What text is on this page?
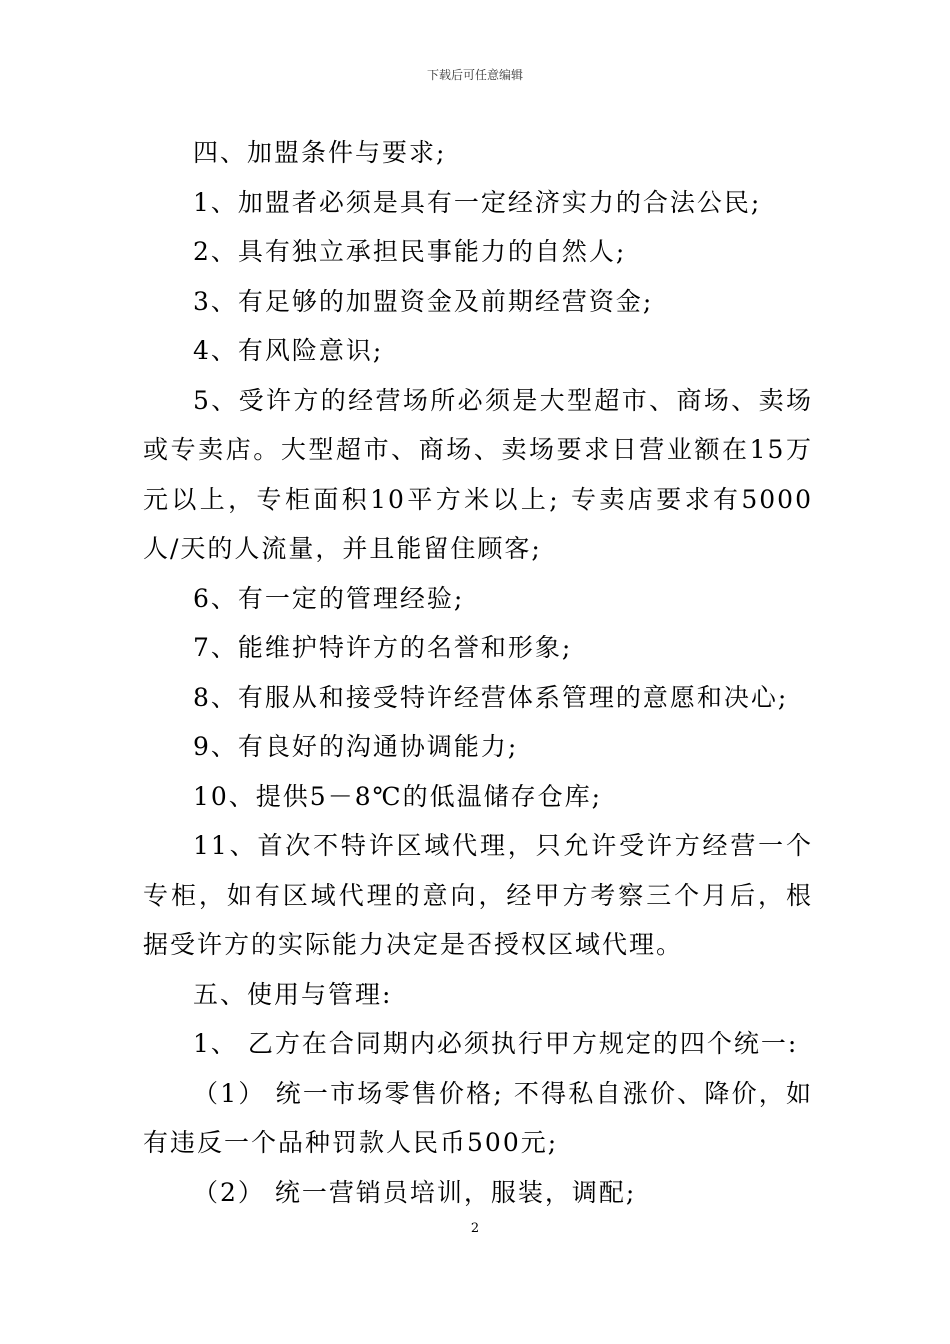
下载后可任意编辑

四、加盟条件与要求;

1、加盟者必须是具有一定经济实力的合法公民;

2、具有独立承担民事能力的自然人;

3、有足够的加盟资金及前期经营资金;

4、有风险意识;

5、受许方的经营场所必须是大型超市、商场、卖场或专卖店。大型超市、商场、卖场要求日营业额在15万元以上，专柜面积10平方米以上; 专卖店要求有5000人/天的人流量，并且能留住顾客;

6、有一定的管理经验;

7、能维护特许方的名誉和形象;

8、有服从和接受特许经营体系管理的意愿和决心;

9、有良好的沟通协调能力;

10、提供5－8℃的低温储存仓库;

11、首次不特许区域代理，只允许受许方经营一个专柜，如有区域代理的意向，经甲方考察三个月后，根据受许方的实际能力决定是否授权区域代理。

五、使用与管理:

1、 乙方在合同期内必须执行甲方规定的四个统一:

（1） 统一市场零售价格; 不得私自涨价、降价，如有违反一个品种罚款人民币500元;

（2） 统一营销员培训，服装，调配;

2
